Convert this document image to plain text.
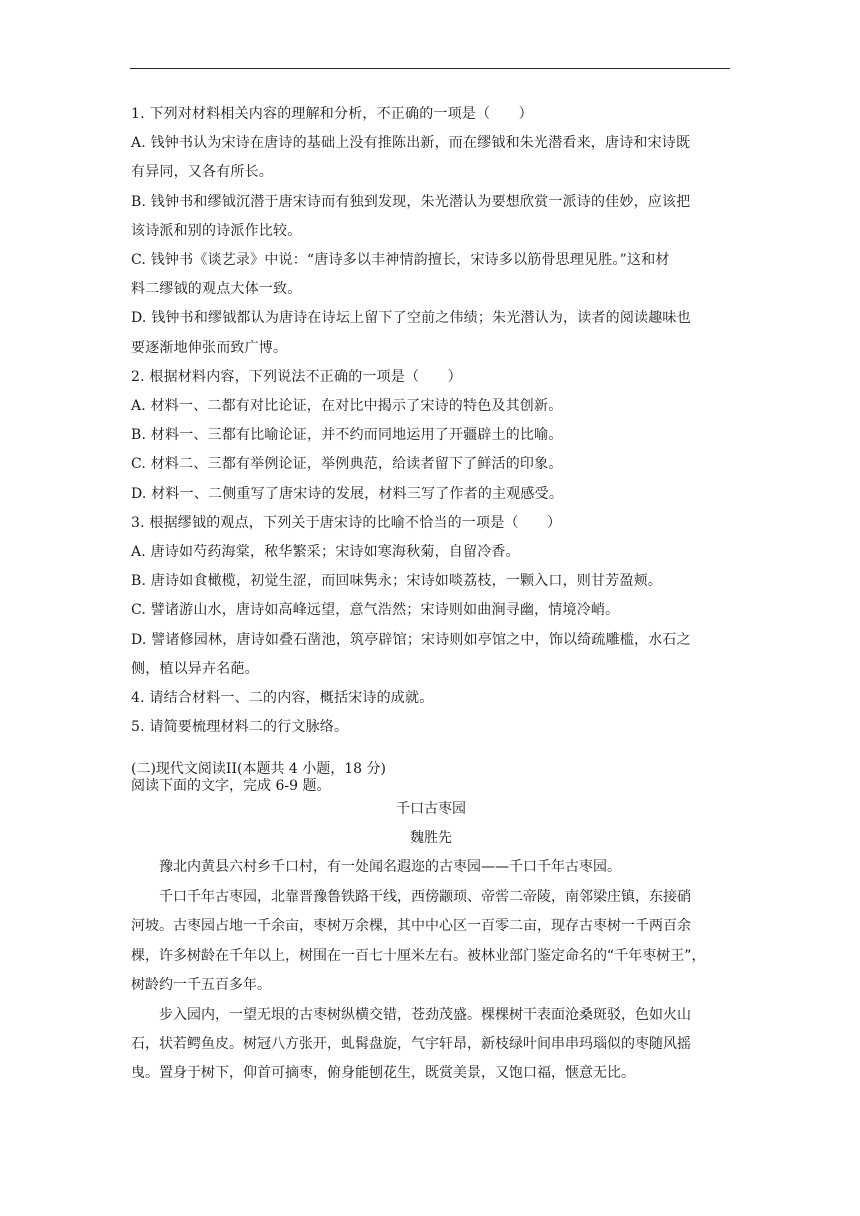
1. 下列对材料相关内容的理解和分析，不正确的一项是（　　）
A. 钱钟书认为宋诗在唐诗的基础上没有推陈出新，而在缪钺和朱光潜看来，唐诗和宋诗既
有异同，又各有所长。
B. 钱钟书和缪钺沉潜于唐宋诗而有独到发现，朱光潜认为要想欣赏一派诗的佳妙，应该把
该诗派和别的诗派作比较。
C. 钱钟书《谈艺录》中说：“唐诗多以丰神情韵擅长，宋诗多以筋骨思理见胜。”这和材
料二缪钺的观点大体一致。
D. 钱钟书和缪钺都认为唐诗在诗坛上留下了空前之伟绩；朱光潜认为，读者的阅读趣味也
要逐渐地伸张而致广博。
2. 根据材料内容，下列说法不正确的一项是（　　）
A. 材料一、二都有对比论证，在对比中揭示了宋诗的特色及其创新。
B. 材料一、三都有比喻论证，并不约而同地运用了开疆辟土的比喻。
C. 材料二、三都有举例论证，举例典范，给读者留下了鲜活的印象。
D. 材料一、二侧重写了唐宋诗的发展，材料三写了作者的主观感受。
3. 根据缪钺的观点，下列关于唐宋诗的比喻不恰当的一项是（　　）
A. 唐诗如芍药海棠，秾华繁采；宋诗如寒海秋菊，自留冷香。
B. 唐诗如食橄榄，初觉生涩，而回味隽永；宋诗如啖荔枝，一颗入口，则甘芳盈颊。
C. 譬诸游山水，唐诗如高峰远望，意气浩然；宋诗则如曲涧寻幽，情境冷峭。
D. 譬诸修园林，唐诗如叠石凿池，筑亭辟馆；宋诗则如亭馆之中，饰以绮疏雕槛，水石之
侧，植以异卉名葩。
4. 请结合材料一、二的内容，概括宋诗的成就。
5. 请简要梳理材料二的行文脉络。
(二)现代文阅读II(本题共 4 小题，18 分)
阅读下面的文字，完成 6-9 题。
千口古枣园
魏胜先
豫北内黄县六村乡千口村，有一处闻名遐迩的古枣园——千口千年古枣园。
千口千年古枣园，北靠晋豫鲁铁路干线，西傍颛顼、帝喾二帝陵，南邻梁庄镇，东接硝
河坡。古枣园占地一千余亩，枣树万余棵，其中中心区一百零二亩，现存古枣树一千两百余
棵，许多树龄在千年以上，树围在一百七十厘米左右。被林业部门鉴定命名的“千年枣树王”，
树龄约一千五百多年。
步入园内，一望无垠的古枣树纵横交错，苍劲茂盛。棵棵树干表面沧桑斑驳，色如火山
石，状若鳄鱼皮。树冠八方张开，虬髯盘旋，气宇轩昂，新枝绿叶间串串玛瑙似的枣随风摇
曳。置身于树下，仰首可摘枣，俯身能刨花生，既赏美景，又饱口福，惬意无比。
